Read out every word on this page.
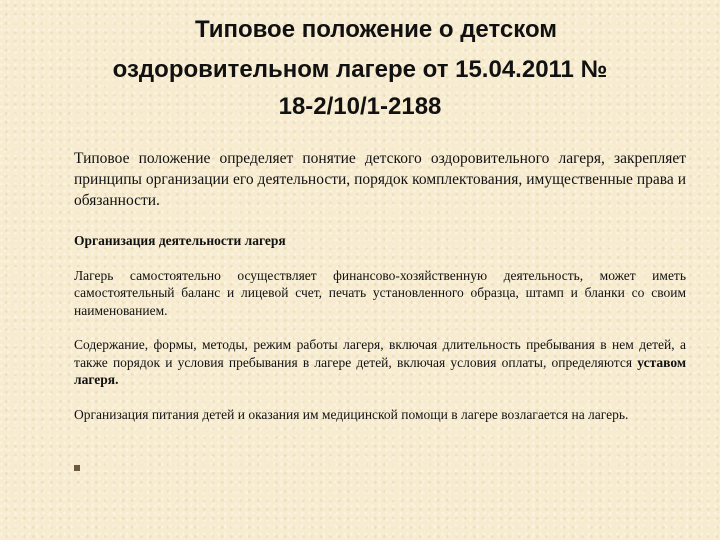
Типовое положение о детском
оздоровительном лагере от 15.04.2011 №
18-2/10/1-2188
Типовое положение определяет понятие детского оздоровительного лагеря, закрепляет принципы организации его деятельности, порядок комплектования, имущественные права и обязанности.

Организация деятельности лагеря

Лагерь самостоятельно осуществляет финансово-хозяйственную деятельность, может иметь самостоятельный баланс и лицевой счет, печать установленного образца, штамп и бланки со своим наименованием.

Содержание, формы, методы, режим работы лагеря, включая длительность пребывания в нем детей, а также порядок и условия пребывания в лагере детей, включая условия оплаты, определяются уставом лагеря.

Организация питания детей и оказания им медицинской помощи в лагере возлагается на лагерь.
